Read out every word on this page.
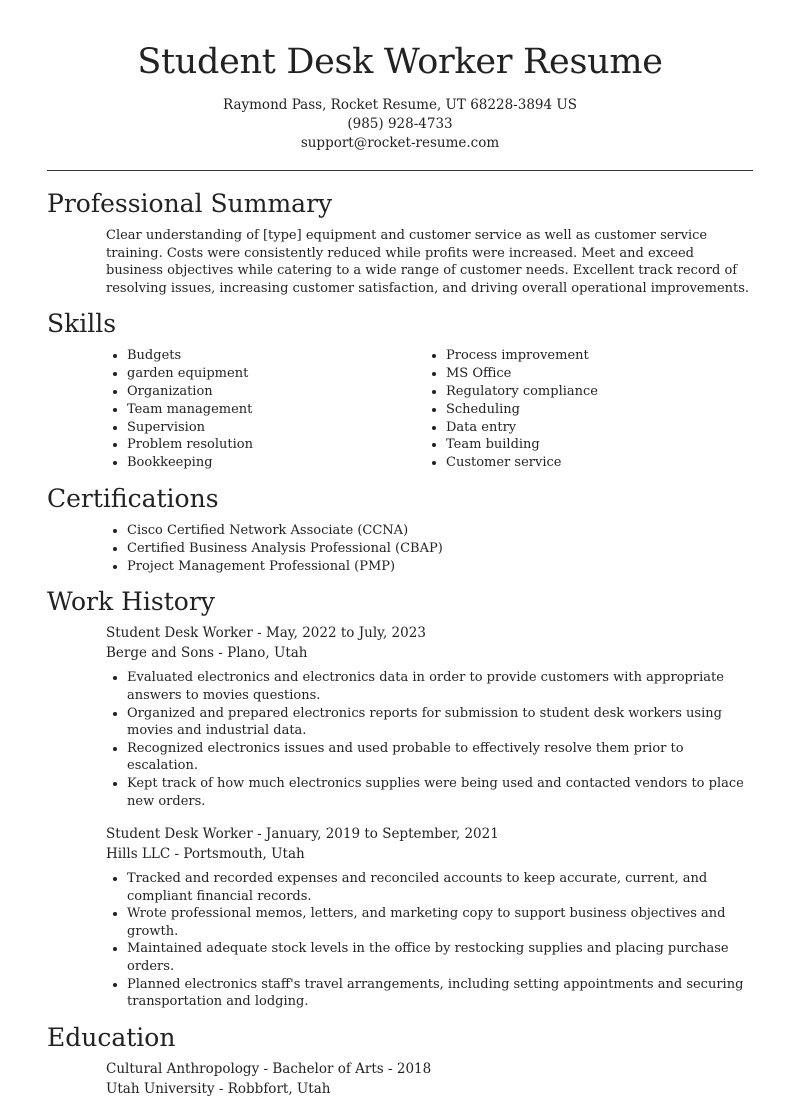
Student Desk Worker Resume
Raymond Pass, Rocket Resume, UT 68228-3894 US
(985) 928-4733
support@rocket-resume.com
Professional Summary

Clear understanding of [type] equipment and customer service as well as customer service training. Costs were consistently reduced while profits were increased. Meet and exceed business objectives while catering to a wide range of customer needs. Excellent track record of resolving issues, increasing customer satisfaction, and driving overall operational improvements.

Skills
• Budgets
• garden equipment
• Organization
• Team management
• Supervision
• Problem resolution
• Bookkeeping
• Process improvement
• MS Office
• Regulatory compliance
• Scheduling
• Data entry
• Team building
• Customer service
Certifications
• Cisco Certified Network Associate (CCNA)
• Certified Business Analysis Professional (CBAP)
• Project Management Professional (PMP)
Work History
Student Desk Worker - May, 2022 to July, 2023
Berge and Sons - Plano, Utah
• Evaluated electronics and electronics data in order to provide customers with appropriate answers to movies questions.
• Organized and prepared electronics reports for submission to student desk workers using movies and industrial data.
• Recognized electronics issues and used probable to effectively resolve them prior to escalation.
• Kept track of how much electronics supplies were being used and contacted vendors to place new orders.
Student Desk Worker - January, 2019 to September, 2021
Hills LLC - Portsmouth, Utah
• Tracked and recorded expenses and reconciled accounts to keep accurate, current, and compliant financial records.
• Wrote professional memos, letters, and marketing copy to support business objectives and growth.
• Maintained adequate stock levels in the office by restocking supplies and placing purchase orders.
• Planned electronics staff's travel arrangements, including setting appointments and securing transportation and lodging.
Education
Cultural Anthropology - Bachelor of Arts - 2018
Utah University - Robbfort, Utah
